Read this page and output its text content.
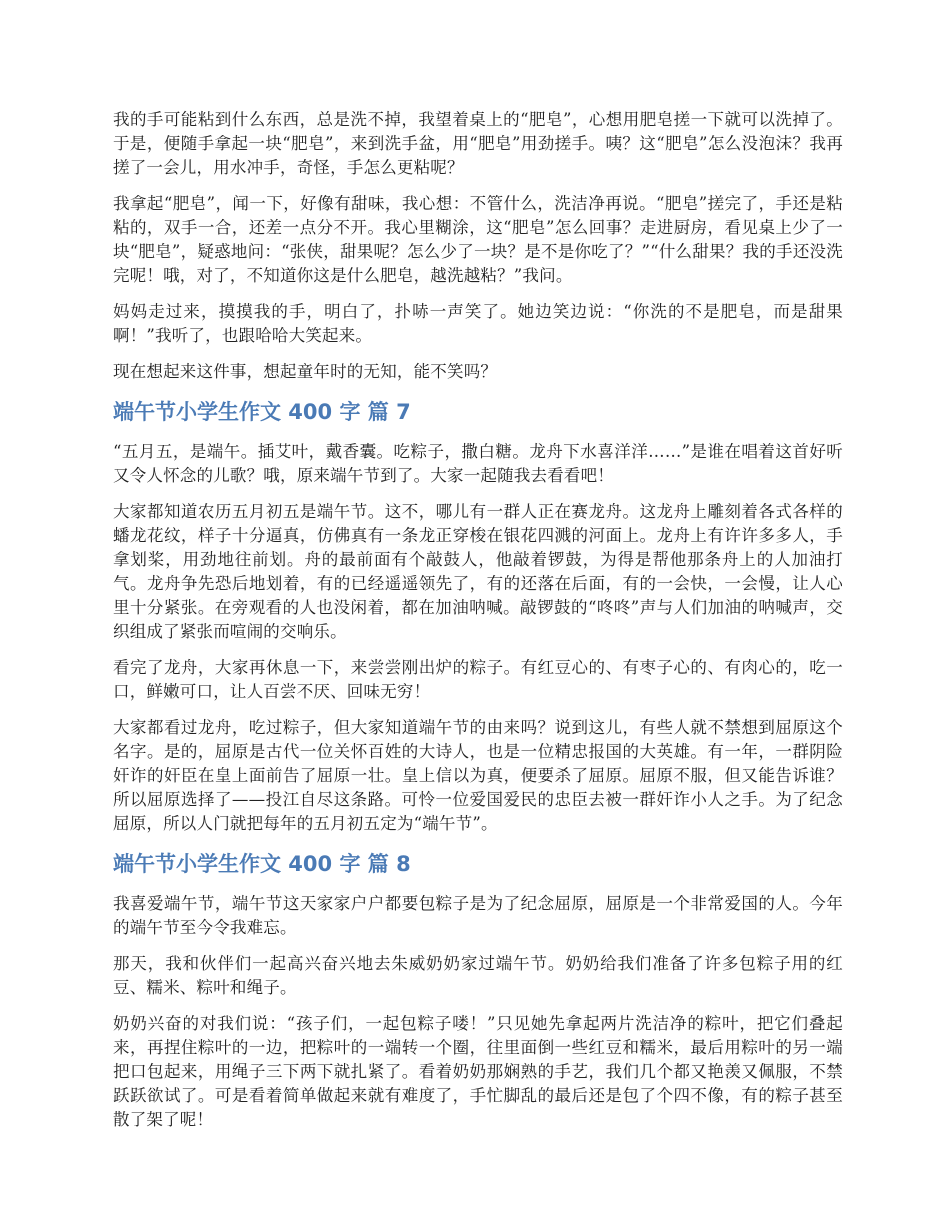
我的手可能粘到什么东西，总是洗不掉，我望着桌上的“肥皂”，心想用肥皂搓一下就可以洗掉了。于是，便随手拿起一块“肥皂”，来到洗手盆，用“肥皂”用劲搓手。咦？这“肥皂”怎么没泡沫？我再搓了一会儿，用水冲手，奇怪，手怎么更粘呢？

我拿起“肥皂”，闻一下，好像有甜味，我心想：不管什么，洗洁净再说。“肥皂”搓完了，手还是粘粘的，双手一合，还差一点分不开。我心里糊涂，这“肥皂”怎么回事？走进厨房，看见桌上少了一块“肥皂”，疑惑地问：“张侠，甜果呢？怎么少了一块？是不是你吃了？”“什么甜果？我的手还没洗完呢！哦，对了，不知道你这是什么肥皂，越洗越粘？”我问。

妈妈走过来，摸摸我的手，明白了，扑哧一声笑了。她边笑边说：“你洗的不是肥皂，而是甜果啊！”我听了，也跟哈哈大笑起来。

现在想起来这件事，想起童年时的无知，能不笑吗？

端午节小学生作文 400 字 篇 7

“五月五，是端午。插艾叶，戴香囊。吃粽子，撒白糖。龙舟下水喜洋洋……”是谁在唱着这首好听又令人怀念的儿歌？哦，原来端午节到了。大家一起随我去看看吧！

大家都知道农历五月初五是端午节。这不，哪儿有一群人正在赛龙舟。这龙舟上雕刻着各式各样的蟠龙花纹，样子十分逼真，仿佛真有一条龙正穿梭在银花四溅的河面上。龙舟上有许许多多人，手拿划桨，用劲地往前划。舟的最前面有个敲鼓人，他敲着锣鼓，为得是帮他那条舟上的人加油打气。龙舟争先恐后地划着，有的已经遥遥领先了，有的还落在后面，有的一会快，一会慢，让人心里十分紧张。在旁观看的人也没闲着，都在加油呐喊。敲锣鼓的“咚咚”声与人们加油的呐喊声，交织组成了紧张而喧闹的交响乐。

看完了龙舟，大家再休息一下，来尝尝刚出炉的粽子。有红豆心的、有枣子心的、有肉心的，吃一口，鲜嫩可口，让人百尝不厌、回味无穷！

大家都看过龙舟，吃过粽子，但大家知道端午节的由来吗？说到这儿，有些人就不禁想到屈原这个名字。是的，屈原是古代一位关怀百姓的大诗人，也是一位精忠报国的大英雄。有一年，一群阴险奸诈的奸臣在皇上面前告了屈原一壮。皇上信以为真，便要杀了屈原。屈原不服，但又能告诉谁？所以屈原选择了——投江自尽这条路。可怜一位爱国爱民的忠臣去被一群奸诈小人之手。为了纪念屈原，所以人门就把每年的五月初五定为“端午节”。

端午节小学生作文 400 字 篇 8

我喜爱端午节，端午节这天家家户户都要包粽子是为了纪念屈原，屈原是一个非常爱国的人。今年的端午节至今令我难忘。

那天，我和伙伴们一起高兴奋兴地去朱威奶奶家过端午节。奶奶给我们准备了许多包粽子用的红豆、糯米、粽叶和绳子。

奶奶兴奋的对我们说：“孩子们，一起包粽子喽！”只见她先拿起两片洗洁净的粽叶，把它们叠起来，再捏住粽叶的一边，把粽叶的一端转一个圈，往里面倒一些红豆和糯米，最后用粽叶的另一端把口包起来，用绳子三下两下就扎紧了。看着奶奶那娴熟的手艺，我们几个都又艳羡又佩服，不禁跃跃欲试了。可是看着简单做起来就有难度了，手忙脚乱的最后还是包了个四不像，有的粽子甚至散了架了呢！
